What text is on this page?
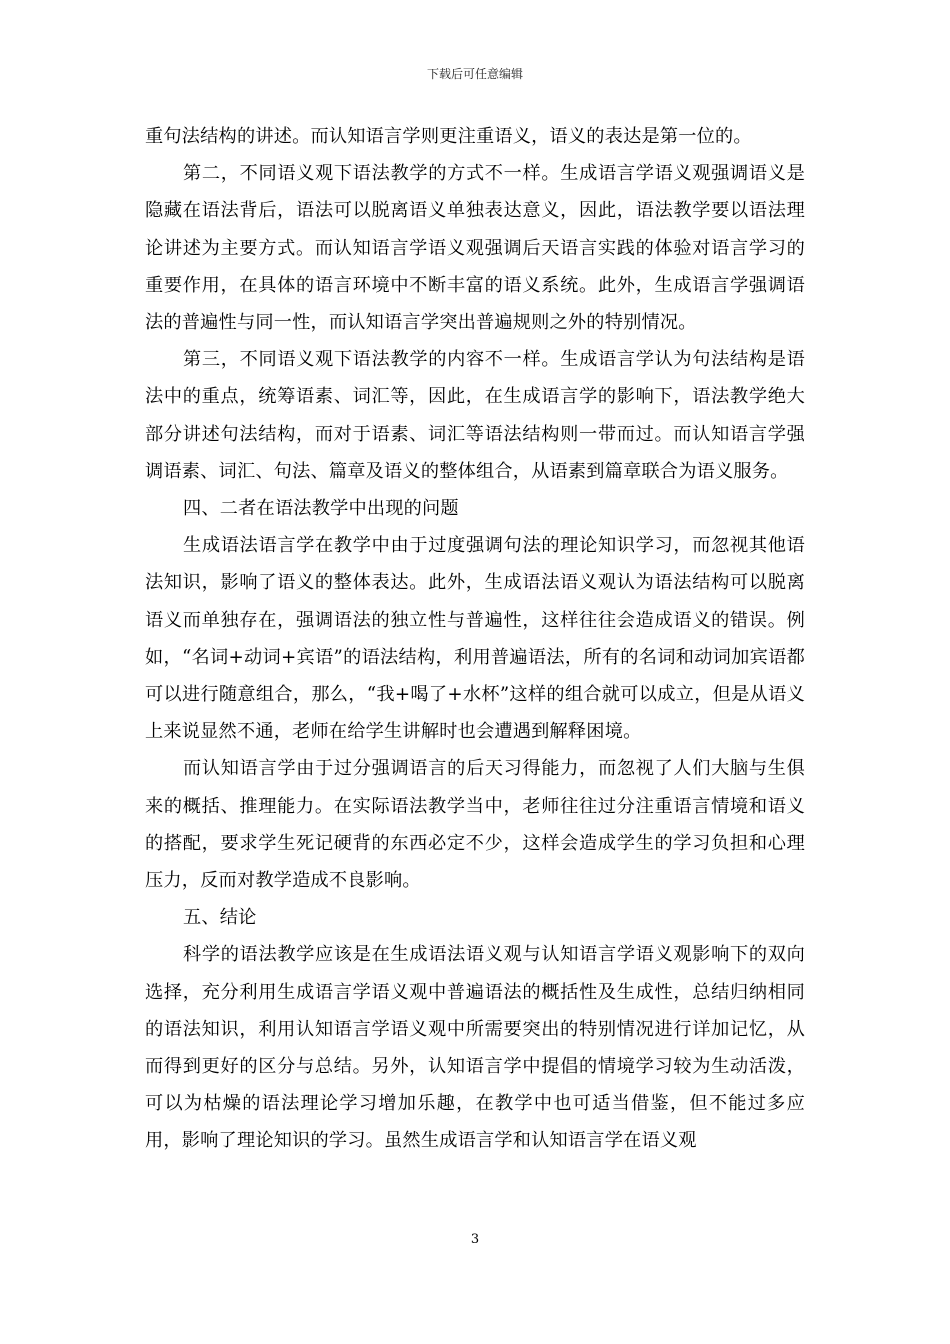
下载后可任意编辑

重句法结构的讲述。而认知语言学则更注重语义，语义的表达是第一位的。

第二，不同语义观下语法教学的方式不一样。生成语言学语义观强调语义是隐藏在语法背后，语法可以脱离语义单独表达意义，因此，语法教学要以语法理论讲述为主要方式。而认知语言学语义观强调后天语言实践的体验对语言学习的重要作用，在具体的语言环境中不断丰富的语义系统。此外，生成语言学强调语法的普遍性与同一性，而认知语言学突出普遍规则之外的特别情况。

第三，不同语义观下语法教学的内容不一样。生成语言学认为句法结构是语法中的重点，统筹语素、词汇等，因此，在生成语言学的影响下，语法教学绝大部分讲述句法结构，而对于语素、词汇等语法结构则一带而过。而认知语言学强调语素、词汇、句法、篇章及语义的整体组合，从语素到篇章联合为语义服务。

四、二者在语法教学中出现的问题

生成语法语言学在教学中由于过度强调句法的理论知识学习，而忽视其他语法知识，影响了语义的整体表达。此外，生成语法语义观认为语法结构可以脱离语义而单独存在，强调语法的独立性与普遍性，这样往往会造成语义的错误。例如，“名词+动词+宾语”的语法结构，利用普遍语法，所有的名词和动词加宾语都可以进行随意组合，那么，“我+喝了+水杯”这样的组合就可以成立，但是从语义上来说显然不通，老师在给学生讲解时也会遭遇到解释困境。

而认知语言学由于过分强调语言的后天习得能力，而忽视了人们大脑与生俱来的概括、推理能力。在实际语法教学当中，老师往往过分注重语言情境和语义的搭配，要求学生死记硬背的东西必定不少，这样会造成学生的学习负担和心理压力，反而对教学造成不良影响。

五、结论

科学的语法教学应该是在生成语法语义观与认知语言学语义观影响下的双向选择，充分利用生成语言学语义观中普遍语法的概括性及生成性，总结归纳相同的语法知识，利用认知语言学语义观中所需要突出的特别情况进行详加记忆，从而得到更好的区分与总结。另外，认知语言学中提倡的情境学习较为生动活泼，可以为枯燥的语法理论学习增加乐趣，在教学中也可适当借鉴，但不能过多应用，影响了理论知识的学习。虽然生成语言学和认知语言学在语义观

3
